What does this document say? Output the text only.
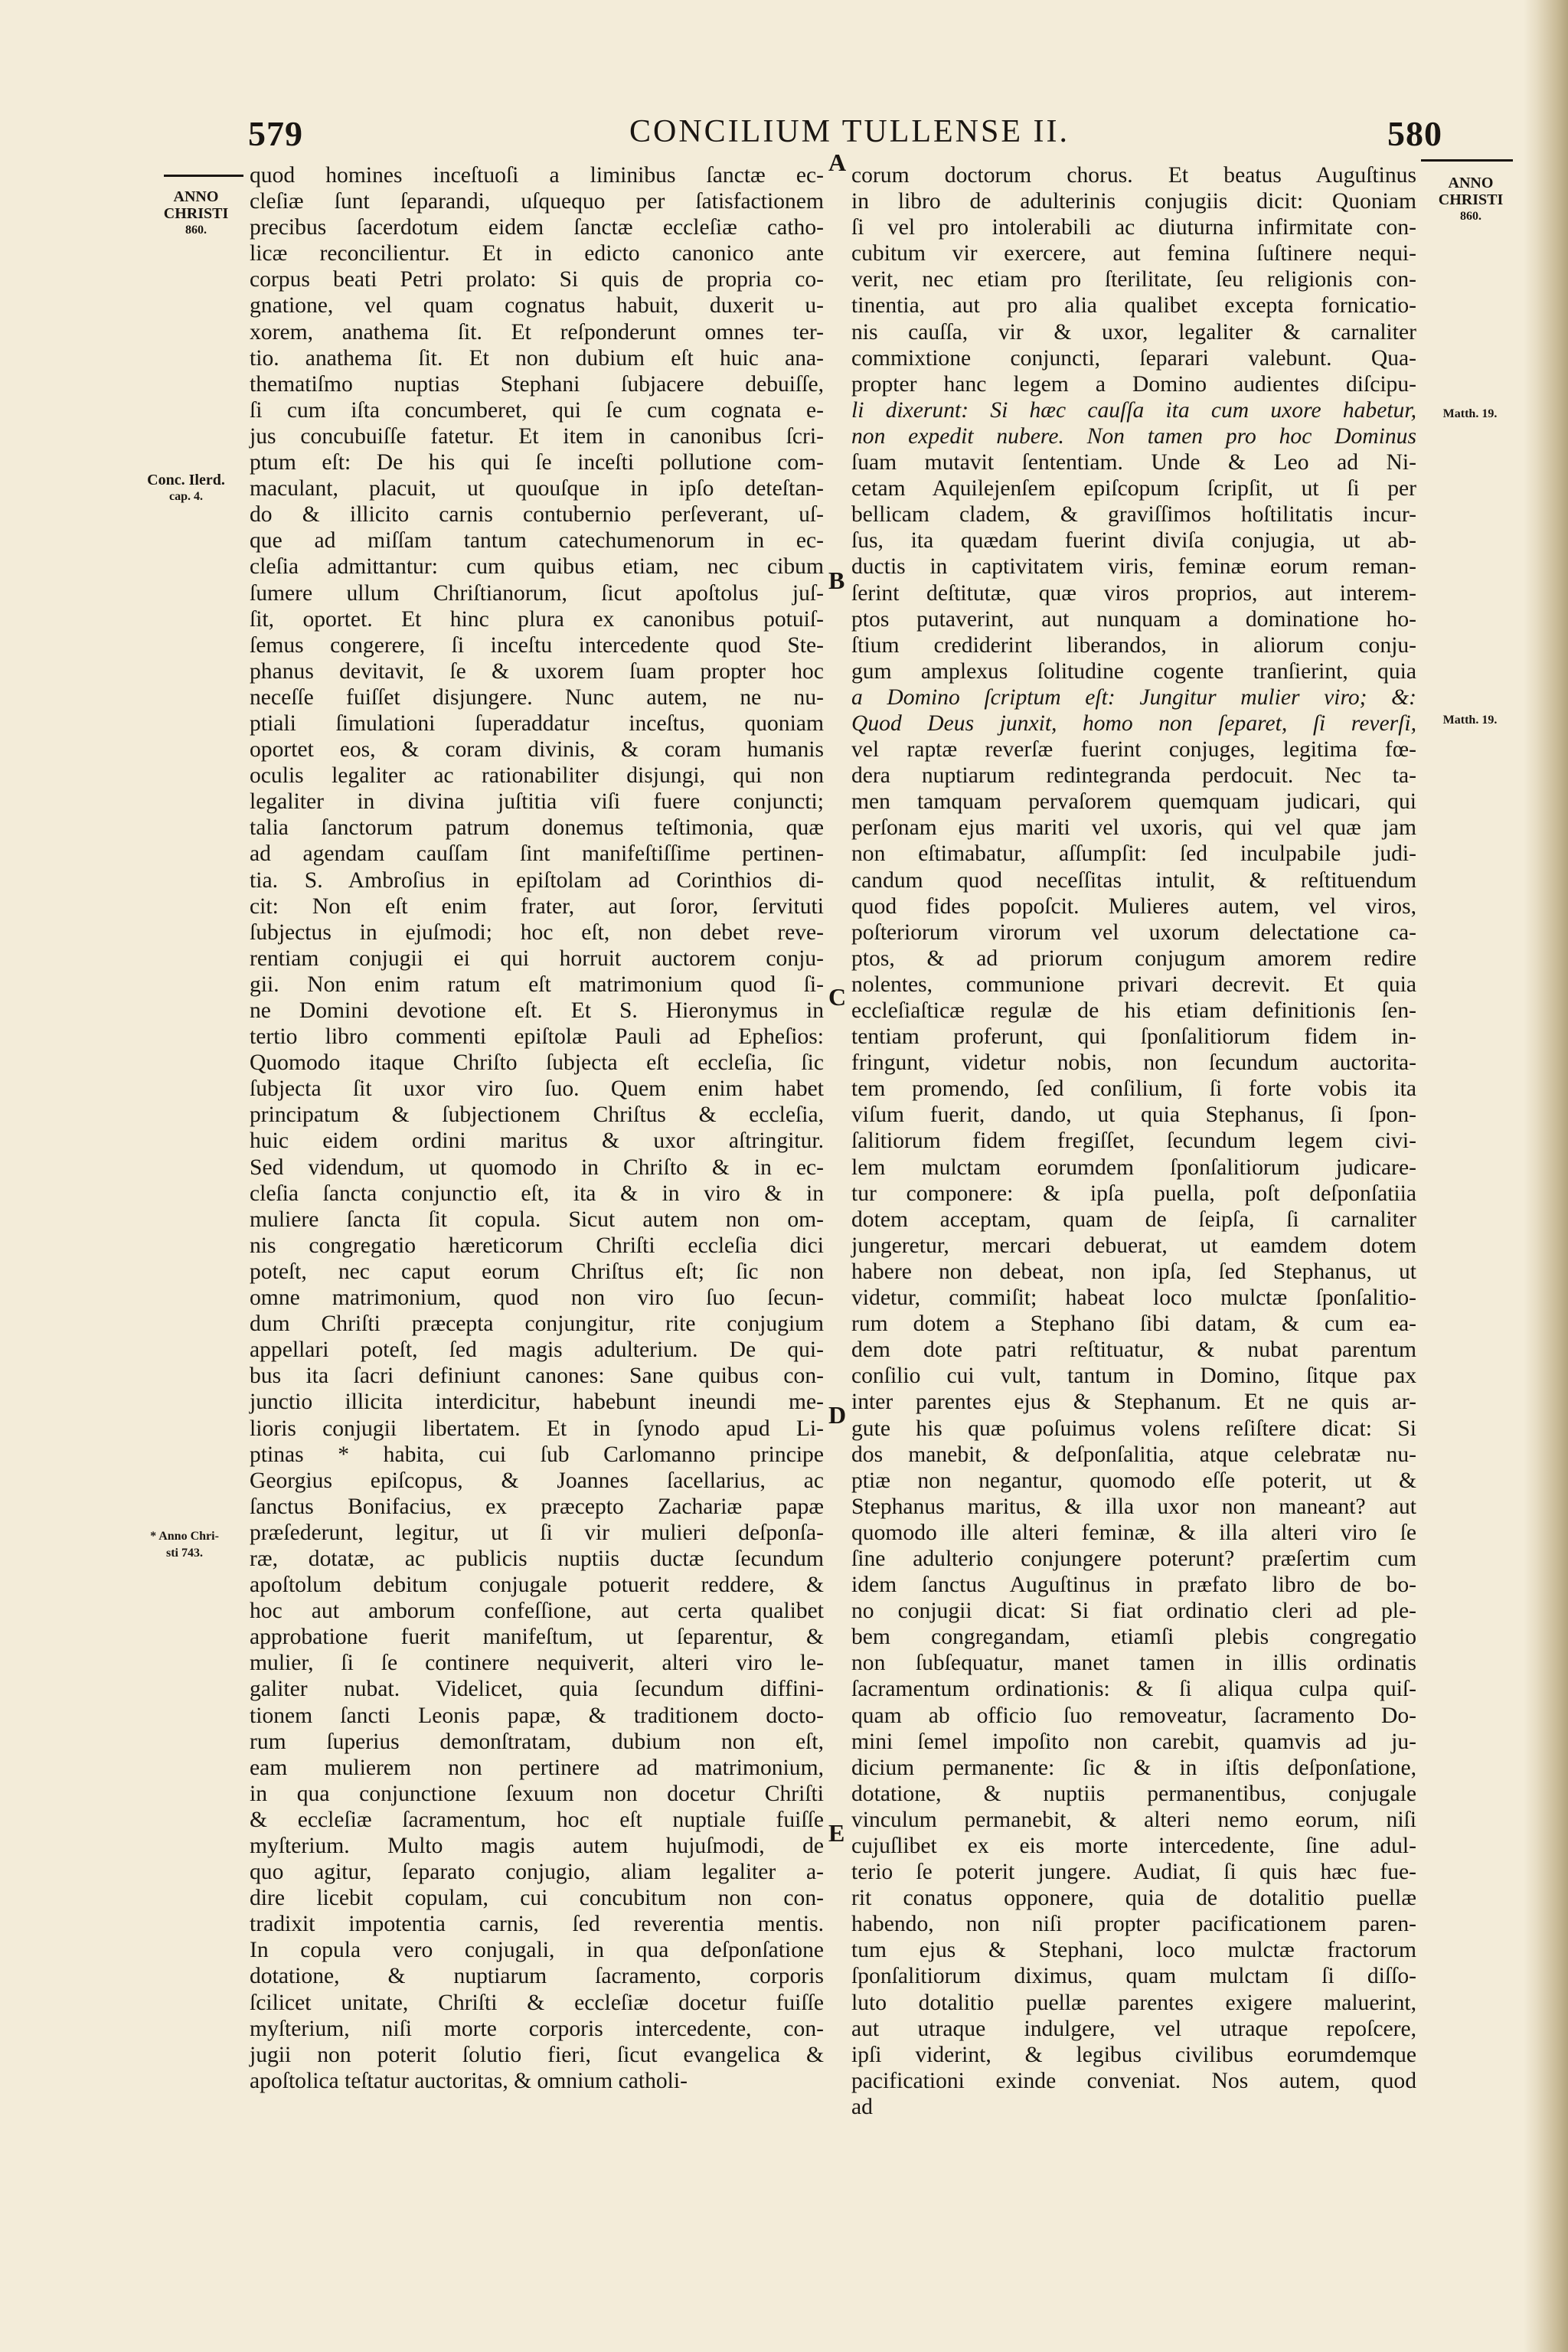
579	CONCILIUM TULLENSE II.	580
ANNO
CHRISTI
860.
Conc. Ilerd.
cap. 4.
* Anno Chri-
sti 743.
ANNO
CHRISTI
860.
Matth. 19.
Matth. 19.
A
B
C
D
E
quod homines inceſtuoſi a liminibus ſanctæ ec-
cleſiæ ſunt ſeparandi, uſquequo per ſatisfactionem
precibus ſacerdotum eidem ſanctæ eccleſiæ catho-
licæ reconcilientur. Et in edicto canonico ante
corpus beati Petri prolato: Si quis de propria co-
gnatione, vel quam cognatus habuit, duxerit u-
xorem, anathema ſit. Et reſponderunt omnes ter-
tio. anathema ſit. Et non dubium eſt huic ana-
thematiſmo nuptias Stephani ſubjacere debuiſſe,
ſi cum iſta concumberet, qui ſe cum cognata e-
jus concubuiſſe fatetur. Et item in canonibus ſcri-
ptum eſt: De his qui ſe inceſti pollutione com-
maculant, placuit, ut quouſque in ipſo deteſtan-
do & illicito carnis contubernio perſeverant, uſ-
que ad miſſam tantum catechumenorum in ec-
cleſia admittantur: cum quibus etiam, nec cibum
ſumere ullum Chriſtianorum, ſicut apoſtolus juſ-
ſit, oportet. Et hinc plura ex canonibus potuiſ-
ſemus congerere, ſi inceſtu intercedente quod Ste-
phanus devitavit, ſe & uxorem ſuam propter hoc
neceſſe fuiſſet disjungere. Nunc autem, ne nu-
ptiali ſimulationi ſuperaddatur inceſtus, quoniam
oportet eos, & coram divinis, & coram humanis
oculis legaliter ac rationabiliter disjungi, qui non
legaliter in divina juſtitia viſi fuere conjuncti;
talia ſanctorum patrum donemus teſtimonia, quæ
ad agendam cauſſam ſint manifeſtiſſime pertinen-
tia. S. Ambroſius in epiſtolam ad Corinthios di-
cit: Non eſt enim frater, aut ſoror, ſervituti
ſubjectus in ejuſmodi; hoc eſt, non debet reve-
rentiam conjugii ei qui horruit auctorem conju-
gii. Non enim ratum eſt matrimonium quod ſi-
ne Domini devotione eſt. Et S. Hieronymus in
tertio libro commenti epiſtolæ Pauli ad Epheſios:
Quomodo itaque Chriſto ſubjecta eſt eccleſia, ſic
ſubjecta ſit uxor viro ſuo. Quem enim habet
principatum & ſubjectionem Chriſtus & eccleſia,
huic eidem ordini maritus & uxor aſtringitur.
Sed videndum, ut quomodo in Chriſto & in ec-
cleſia ſancta conjunctio eſt, ita & in viro & in
muliere ſancta ſit copula. Sicut autem non om-
nis congregatio hæreticorum Chriſti eccleſia dici
poteſt, nec caput eorum Chriſtus eſt; ſic non
omne matrimonium, quod non viro ſuo ſecun-
dum Chriſti præcepta conjungitur, rite conjugium
appellari poteſt, ſed magis adulterium. De qui-
bus ita ſacri definiunt canones: Sane quibus con-
junctio illicita interdicitur, habebunt ineundi me-
lioris conjugii libertatem. Et in ſynodo apud Li-
ptinas * habita, cui ſub Carlomanno principe
Georgius epiſcopus, & Joannes ſacellarius, ac
ſanctus Bonifacius, ex præcepto Zachariæ papæ
præſederunt, legitur, ut ſi vir mulieri deſponſa-
ræ, dotatæ, ac publicis nuptiis ductæ ſecundum
apoſtolum debitum conjugale potuerit reddere, &
hoc aut amborum confeſſione, aut certa qualibet
approbatione fuerit manifeſtum, ut ſeparentur, &
mulier, ſi ſe continere nequiverit, alteri viro le-
galiter nubat. Videlicet, quia ſecundum diffini-
tionem ſancti Leonis papæ, & traditionem docto-
rum ſuperius demonſtratam, dubium non eſt,
eam mulierem non pertinere ad matrimonium,
in qua conjunctione ſexuum non docetur Chriſti
& eccleſiæ ſacramentum, hoc eſt nuptiale fuiſſe
myſterium. Multo magis autem hujuſmodi, de
quo agitur, ſeparato conjugio, aliam legaliter a-
dire licebit copulam, cui concubitum non con-
tradixit impotentia carnis, ſed reverentia mentis.
In copula vero conjugali, in qua deſponſatione
dotatione, & nuptiarum ſacramento, corporis
ſcilicet unitate, Chriſti & eccleſiæ docetur fuiſſe
myſterium, niſi morte corporis intercedente, con-
jugii non poterit ſolutio fieri, ſicut evangelica &
apoſtolica teſtatur auctoritas, & omnium catholi-
corum doctorum chorus. Et beatus Auguſtinus
in libro de adulterinis conjugiis dicit: Quoniam
ſi vel pro intolerabili ac diuturna infirmitate con-
cubitum vir exercere, aut femina ſuſtinere nequi-
verit, nec etiam pro ſterilitate, ſeu religionis con-
tinentia, aut pro alia qualibet excepta fornicatio-
nis cauſſa, vir & uxor, legaliter & carnaliter
commixtione conjuncti, ſeparari valebunt. Qua-
propter hanc legem a Domino audientes diſcipu-
li dixerunt: Si hæc cauſſa ita cum uxore habetur,
non expedit nubere. Non tamen pro hoc Dominus
ſuam mutavit ſententiam. Unde & Leo ad Ni-
cetam Aquilejenſem epiſcopum ſcripſit, ut ſi per
bellicam cladem, & graviſſimos hoſtilitatis incur-
ſus, ita quædam fuerint diviſa conjugia, ut ab-
ductis in captivitatem viris, feminæ eorum reman-
ſerint deſtitutæ, quæ viros proprios, aut interem-
ptos putaverint, aut nunquam a dominatione ho-
ſtium crediderint liberandos, in aliorum conju-
gum amplexus ſolitudine cogente tranſierint, quia
a Domino ſcriptum eſt: Jungitur mulier viro; &:
Quod Deus junxit, homo non ſeparet, ſi reverſi,
vel raptæ reverſæ fuerint conjuges, legitima fœ-
dera nuptiarum redintegranda perdocuit. Nec ta-
men tamquam pervaſorem quemquam judicari, qui
perſonam ejus mariti vel uxoris, qui vel quæ jam
non eſtimabatur, aſſumpſit: ſed inculpabile judi-
candum quod neceſſitas intulit, & reſtituendum
quod fides popoſcit. Mulieres autem, vel viros,
poſteriorum virorum vel uxorum delectatione ca-
ptos, & ad priorum conjugum amorem redire
nolentes, communione privari decrevit. Et quia
eccleſiaſticæ regulæ de his etiam definitionis ſen-
tentiam proferunt, qui ſponſalitiorum fidem in-
fringunt, videtur nobis, non ſecundum auctorita-
tem promendo, ſed conſilium, ſi forte vobis ita
viſum fuerit, dando, ut quia Stephanus, ſi ſpon-
ſalitiorum fidem fregiſſet, ſecundum legem civi-
lem mulctam eorumdem ſponſalitiorum judicare-
tur componere: & ipſa puella, poſt deſponſatiia
dotem acceptam, quam de ſeipſa, ſi carnaliter
jungeretur, mercari debuerat, ut eamdem dotem
habere non debeat, non ipſa, ſed Stephanus, ut
videtur, commiſit; habeat loco mulctæ ſponſalitio-
rum dotem a Stephano ſibi datam, & cum ea-
dem dote patri reſtituatur, & nubat parentum
conſilio cui vult, tantum in Domino, ſitque pax
inter parentes ejus & Stephanum. Et ne quis ar-
gute his quæ poſuimus volens reſiſtere dicat: Si
dos manebit, & deſponſalitia, atque celebratæ nu-
ptiæ non negantur, quomodo eſſe poterit, ut &
Stephanus maritus, & illa uxor non maneant? aut
quomodo ille alteri feminæ, & illa alteri viro ſe
ſine adulterio conjungere poterunt? præſertim cum
idem ſanctus Auguſtinus in præfato libro de bo-
no conjugii dicat: Si fiat ordinatio cleri ad ple-
bem congregandam, etiamſi plebis congregatio
non ſubſequatur, manet tamen in illis ordinatis
ſacramentum ordinationis: & ſi aliqua culpa quiſ-
quam ab officio ſuo removeatur, ſacramento Do-
mini ſemel impoſito non carebit, quamvis ad ju-
dicium permanente: ſic & in iſtis deſponſatione,
dotatione, & nuptiis permanentibus, conjugale
vinculum permanebit, & alteri nemo eorum, niſi
cujuſlibet ex eis morte intercedente, ſine adul-
terio ſe poterit jungere. Audiat, ſi quis hæc fue-
rit conatus opponere, quia de dotalitio puellæ
habendo, non niſi propter pacificationem paren-
tum ejus & Stephani, loco mulctæ fractorum
ſponſalitiorum diximus, quam mulctam ſi diſſo-
luto dotalitio puellæ parentes exigere maluerint,
aut utraque indulgere, vel utraque repoſcere,
ipſi viderint, & legibus civilibus eorumdemque
pacificationi exinde conveniat. Nos autem, quod
ad
